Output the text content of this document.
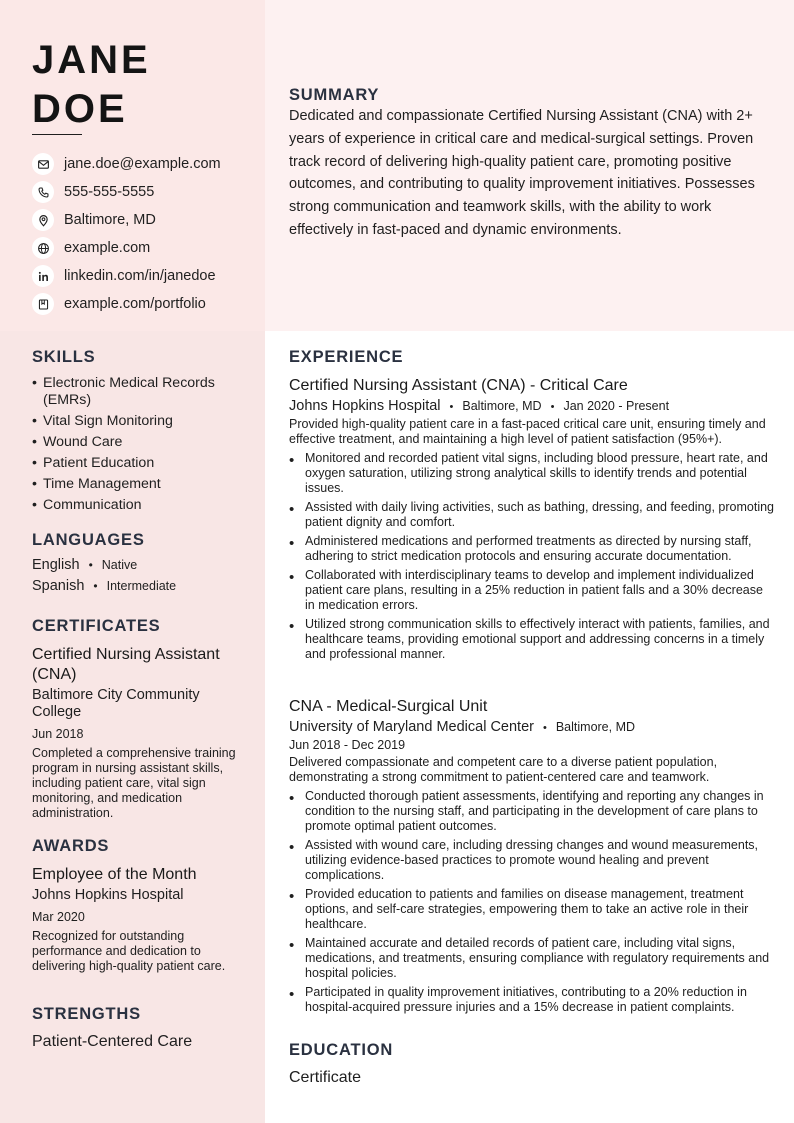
JANE
DOE
jane.doe@example.com
555-555-5555
Baltimore, MD
example.com
linkedin.com/in/janedoe
example.com/portfolio
SUMMARY
Dedicated and compassionate Certified Nursing Assistant (CNA) with 2+ years of experience in critical care and medical-surgical settings. Proven track record of delivering high-quality patient care, promoting positive outcomes, and contributing to quality improvement initiatives. Possesses strong communication and teamwork skills, with the ability to work effectively in fast-paced and dynamic environments.
SKILLS
• Electronic Medical Records (EMRs)
• Vital Sign Monitoring
• Wound Care
• Patient Education
• Time Management
• Communication
LANGUAGES
English • Native
Spanish • Intermediate
CERTIFICATES
Certified Nursing Assistant (CNA)
Baltimore City Community College
Jun 2018
Completed a comprehensive training program in nursing assistant skills, including patient care, vital sign monitoring, and medication administration.
AWARDS
Employee of the Month
Johns Hopkins Hospital
Mar 2020
Recognized for outstanding performance and dedication to delivering high-quality patient care.
STRENGTHS
Patient-Centered Care
EXPERIENCE
Certified Nursing Assistant (CNA) - Critical Care
Johns Hopkins Hospital • Baltimore, MD • Jan 2020 - Present
Provided high-quality patient care in a fast-paced critical care unit, ensuring timely and effective treatment, and maintaining a high level of patient satisfaction (95%+).
• Monitored and recorded patient vital signs, including blood pressure, heart rate, and oxygen saturation, utilizing strong analytical skills to identify trends and potential issues.
• Assisted with daily living activities, such as bathing, dressing, and feeding, promoting patient dignity and comfort.
• Administered medications and performed treatments as directed by nursing staff, adhering to strict medication protocols and ensuring accurate documentation.
• Collaborated with interdisciplinary teams to develop and implement individualized patient care plans, resulting in a 25% reduction in patient falls and a 30% decrease in medication errors.
• Utilized strong communication skills to effectively interact with patients, families, and healthcare teams, providing emotional support and addressing concerns in a timely and professional manner.
CNA - Medical-Surgical Unit
University of Maryland Medical Center • Baltimore, MD
Jun 2018 - Dec 2019
Delivered compassionate and competent care to a diverse patient population, demonstrating a strong commitment to patient-centered care and teamwork.
• Conducted thorough patient assessments, identifying and reporting any changes in condition to the nursing staff, and participating in the development of care plans to promote optimal patient outcomes.
• Assisted with wound care, including dressing changes and wound measurements, utilizing evidence-based practices to promote wound healing and prevent complications.
• Provided education to patients and families on disease management, treatment options, and self-care strategies, empowering them to take an active role in their healthcare.
• Maintained accurate and detailed records of patient care, including vital signs, medications, and treatments, ensuring compliance with regulatory requirements and hospital policies.
• Participated in quality improvement initiatives, contributing to a 20% reduction in hospital-acquired pressure injuries and a 15% decrease in patient complaints.
EDUCATION
Certificate
